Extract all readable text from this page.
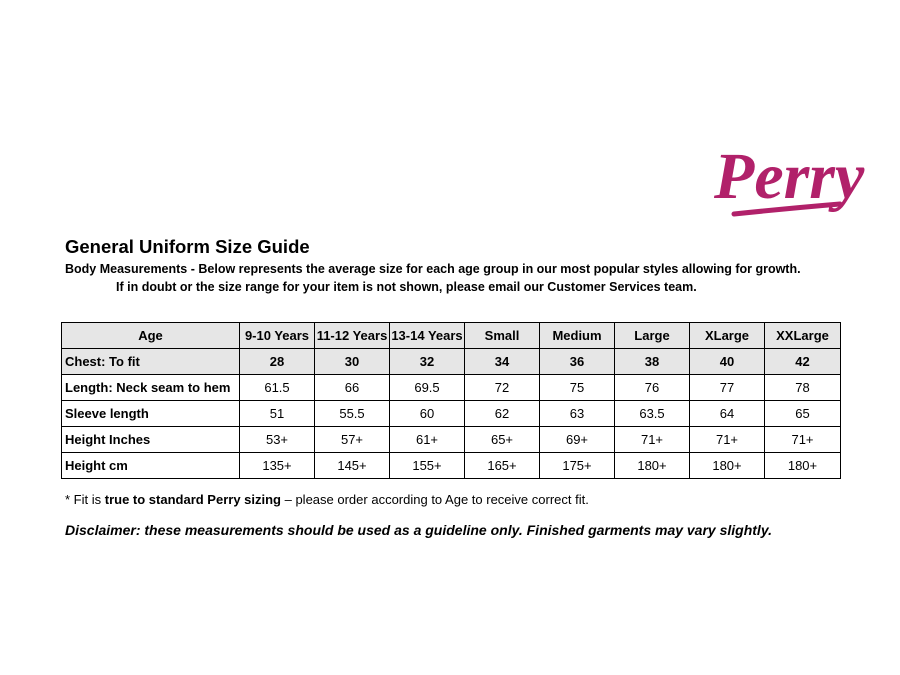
Perry
General Uniform Size Guide
Body Measurements - Below represents the average size for each age group in our most popular styles allowing for growth.
If in doubt or the size range for your item is not shown, please email our Customer Services team.
Age	9-10 Years	11-12 Years	13-14 Years	Small	Medium	Large	XLarge	XXLarge
Chest: To fit	28	30	32	34	36	38	40	42
Length: Neck seam to hem	61.5	66	69.5	72	75	76	77	78
Sleeve length	51	55.5	60	62	63	63.5	64	65
Height Inches	53+	57+	61+	65+	69+	71+	71+	71+
Height cm	135+	145+	155+	165+	175+	180+	180+	180+
* Fit is true to standard Perry sizing – please order according to Age to receive correct fit.
Disclaimer: these measurements should be used as a guideline only. Finished garments may vary slightly.
